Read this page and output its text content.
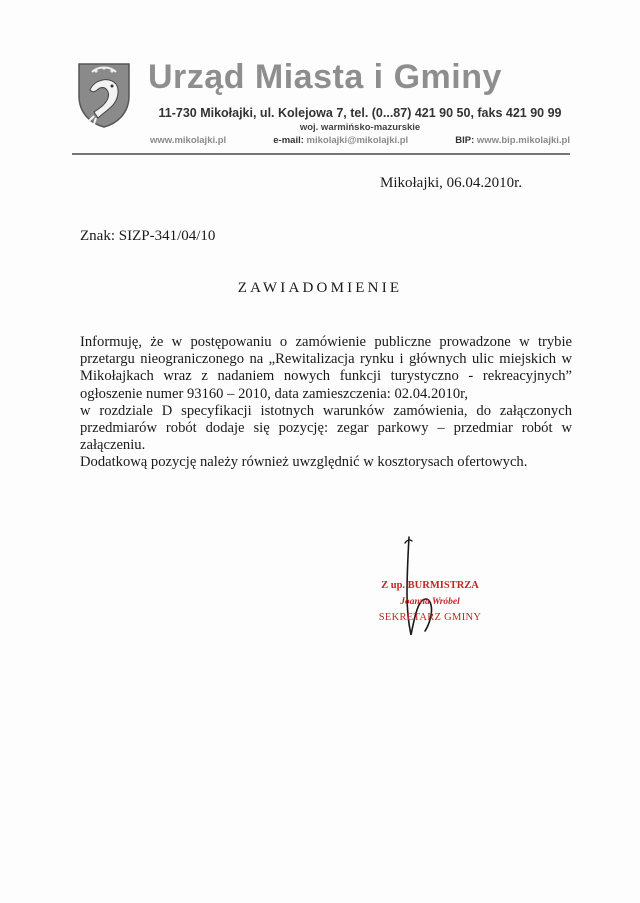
Urząd Miasta i Gminy
11-730 Mikołajki, ul. Kolejowa 7, tel. (0...87) 421 90 50, faks 421 90 99
woj. warmińsko-mazurskie
www.mikolajki.pl	e-mail: mikolajki@mikolajki.pl	BIP: www.bip.mikolajki.pl
Mikołajki, 06.04.2010r.
Znak: SIZP-341/04/10
ZAWIADOMIENIE

Informuję, że w postępowaniu o zamówienie publiczne prowadzone w trybie przetargu nieograniczonego na „Rewitalizacja rynku i głównych ulic miejskich w Mikołajkach wraz z nadaniem nowych funkcji turystyczno - rekreacyjnych” ogłoszenie numer 93160 – 2010, data zamieszczenia: 02.04.2010r,

w rozdziale D specyfikacji istotnych warunków zamówienia, do załączonych przedmiarów robót dodaje się pozycję: zegar parkowy – przedmiar robót w załączeniu.

Dodatkową pozycję należy również uwzględnić w kosztorysach ofertowych.

Z up. BURMISTRZA
Joanna Wróbel
SEKRETARZ GMINY
